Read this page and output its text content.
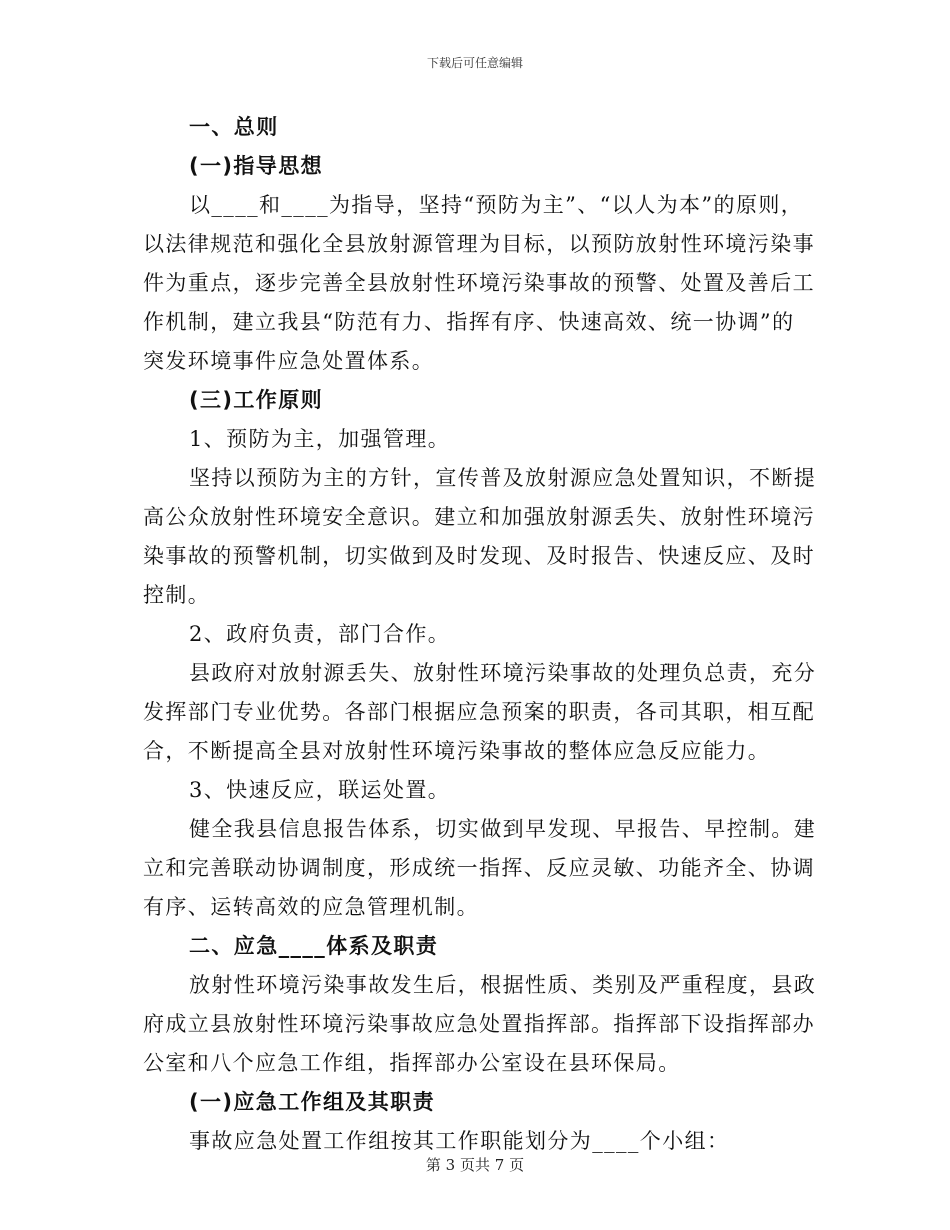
下载后可任意编辑
一、总则
(一)指导思想
以____和____为指导，坚持“预防为主”、“以人为本”的原则，
以法律规范和强化全县放射源管理为目标，以预防放射性环境污染事
件为重点，逐步完善全县放射性环境污染事故的预警、处置及善后工
作机制，建立我县“防范有力、指挥有序、快速高效、统一协调”的
突发环境事件应急处置体系。
(三)工作原则
1、预防为主，加强管理。
坚持以预防为主的方针，宣传普及放射源应急处置知识，不断提
高公众放射性环境安全意识。建立和加强放射源丢失、放射性环境污
染事故的预警机制，切实做到及时发现、及时报告、快速反应、及时
控制。
2、政府负责，部门合作。
县政府对放射源丢失、放射性环境污染事故的处理负总责，充分
发挥部门专业优势。各部门根据应急预案的职责，各司其职，相互配
合，不断提高全县对放射性环境污染事故的整体应急反应能力。
3、快速反应，联运处置。
健全我县信息报告体系，切实做到早发现、早报告、早控制。建
立和完善联动协调制度，形成统一指挥、反应灵敏、功能齐全、协调
有序、运转高效的应急管理机制。
二、应急____体系及职责
放射性环境污染事故发生后，根据性质、类别及严重程度，县政
府成立县放射性环境污染事故应急处置指挥部。指挥部下设指挥部办
公室和八个应急工作组，指挥部办公室设在县环保局。
(一)应急工作组及其职责
事故应急处置工作组按其工作职能划分为____个小组：
第 3 页共 7 页
